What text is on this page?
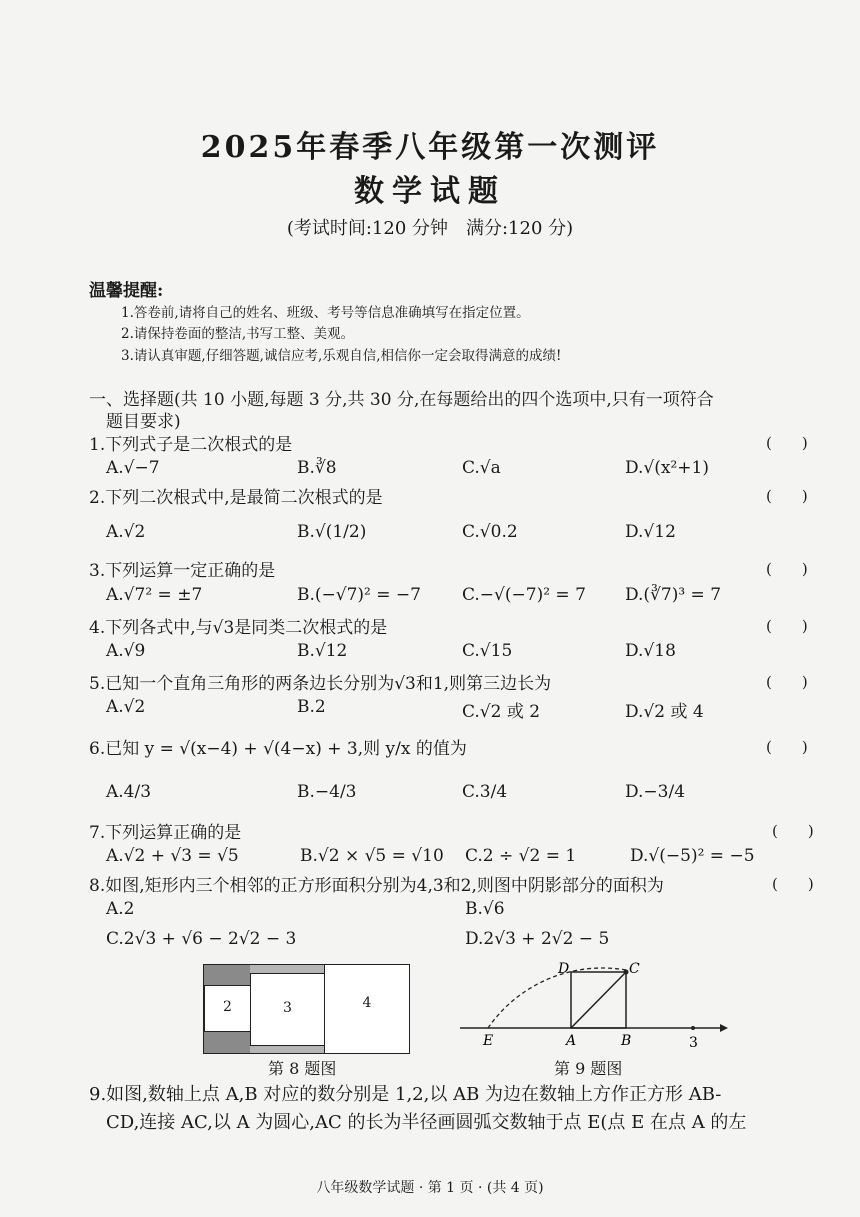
2025年春季八年级第一次测评
数学试题
(考试时间:120 分钟　满分:120 分)
温馨提醒:
1.答卷前,请将自己的姓名、班级、考号等信息准确填写在指定位置。
2.请保持卷面的整洁,书写工整、美观。
3.请认真审题,仔细答题,诚信应考,乐观自信,相信你一定会取得满意的成绩!
一、选择题(共 10 小题,每题 3 分,共 30 分,在每题给出的四个选项中,只有一项符合
题目要求)
1.下列式子是二次根式的是	(　　)
A.√−7	B.∛8	C.√a	D.√(x²+1)
2.下列二次根式中,是最简二次根式的是	(　　)
A.√2	B.√(1/2)	C.√0.2	D.√12
3.下列运算一定正确的是	(　　)
A.√7² = ±7	B.(−√7)² = −7 C.−√(−7)² = 7 D.(∛7)³ = 7
4.下列各式中,与√3是同类二次根式的是	(　　)
A.√9	B.√12	C.√15	D.√18
5.已知一个直角三角形的两条边长分别为√3和1,则第三边长为	(　　)
A.√2	B.2	C.√2 或 2	D.√2 或 4
6.已知 y = √(x−4) + √(4−x) + 3,则 y/x 的值为	(　　)
A.4/3	B.−4/3	C.3/4	D.−3/4
7.下列运算正确的是	(　　)
A.√2 + √3 = √5	B.√2 × √5 = √10 C.2 ÷ √2 = 1	D.√(−5)² = −5
8.如图,矩形内三个相邻的正方形面积分别为4,3和2,则图中阴影部分的面积为	(　　)
A.2	B.√6
C.2√3 + √6 − 2√2 − 3	D.2√3 + 2√2 − 5
2	3	4
第 8 题图
D	C
E	A	B	3
第 9 题图
9.如图,数轴上点 A,B 对应的数分别是 1,2,以 AB 为边在数轴上方作正方形 AB-
CD,连接 AC,以 A 为圆心,AC 的长为半径画圆弧交数轴于点 E(点 E 在点 A 的左
八年级数学试题 · 第 1 页 · (共 4 页)
